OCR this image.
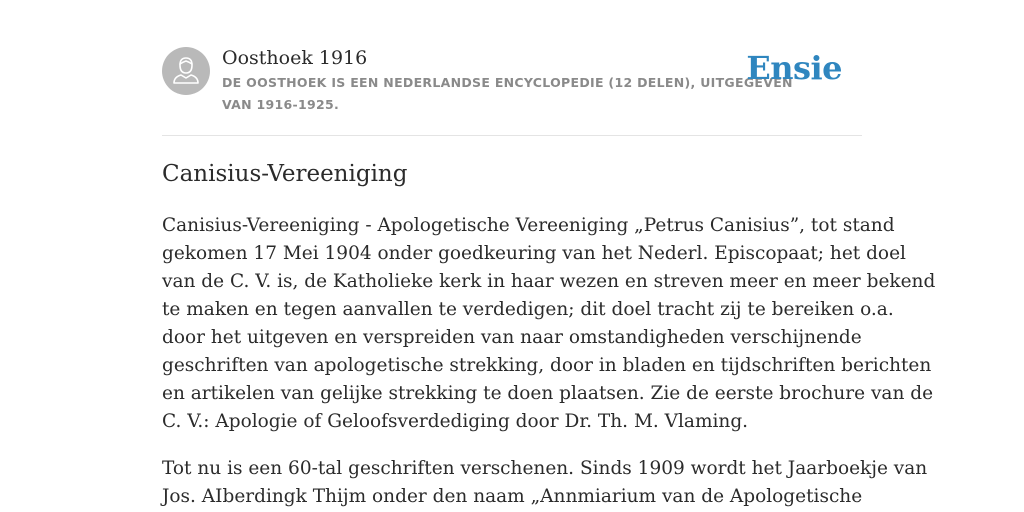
Oosthoek 1916
DE OOSTHOEK IS EEN NEDERLANDSE ENCYCLOPEDIE (12 DELEN), UITGEGEVEN
VAN 1916-1925.
Ensie
Canisius-Vereeniging

Canisius-Vereeniging - Apologetische Vereeniging „Petrus Canisius”, tot stand
gekomen 17 Mei 1904 onder goedkeuring van het Nederl. Episcopaat; het doel
van de C. V. is, de Katholieke kerk in haar wezen en streven meer en meer bekend
te maken en tegen aanvallen te verdedigen; dit doel tracht zij te bereiken o.a.
door het uitgeven en verspreiden van naar omstandigheden verschijnende
geschriften van apologetische strekking, door in bladen en tijdschriften berichten
en artikelen van gelijke strekking te doen plaatsen. Zie de eerste brochure van de
C. V.: Apologie of Geloofsverdediging door Dr. Th. M. Vlaming.

Tot nu is een 60-tal geschriften verschenen. Sinds 1909 wordt het Jaarboekje van
Jos. AIberdingk Thijm onder den naam „Annmiarium van de Apologetische
